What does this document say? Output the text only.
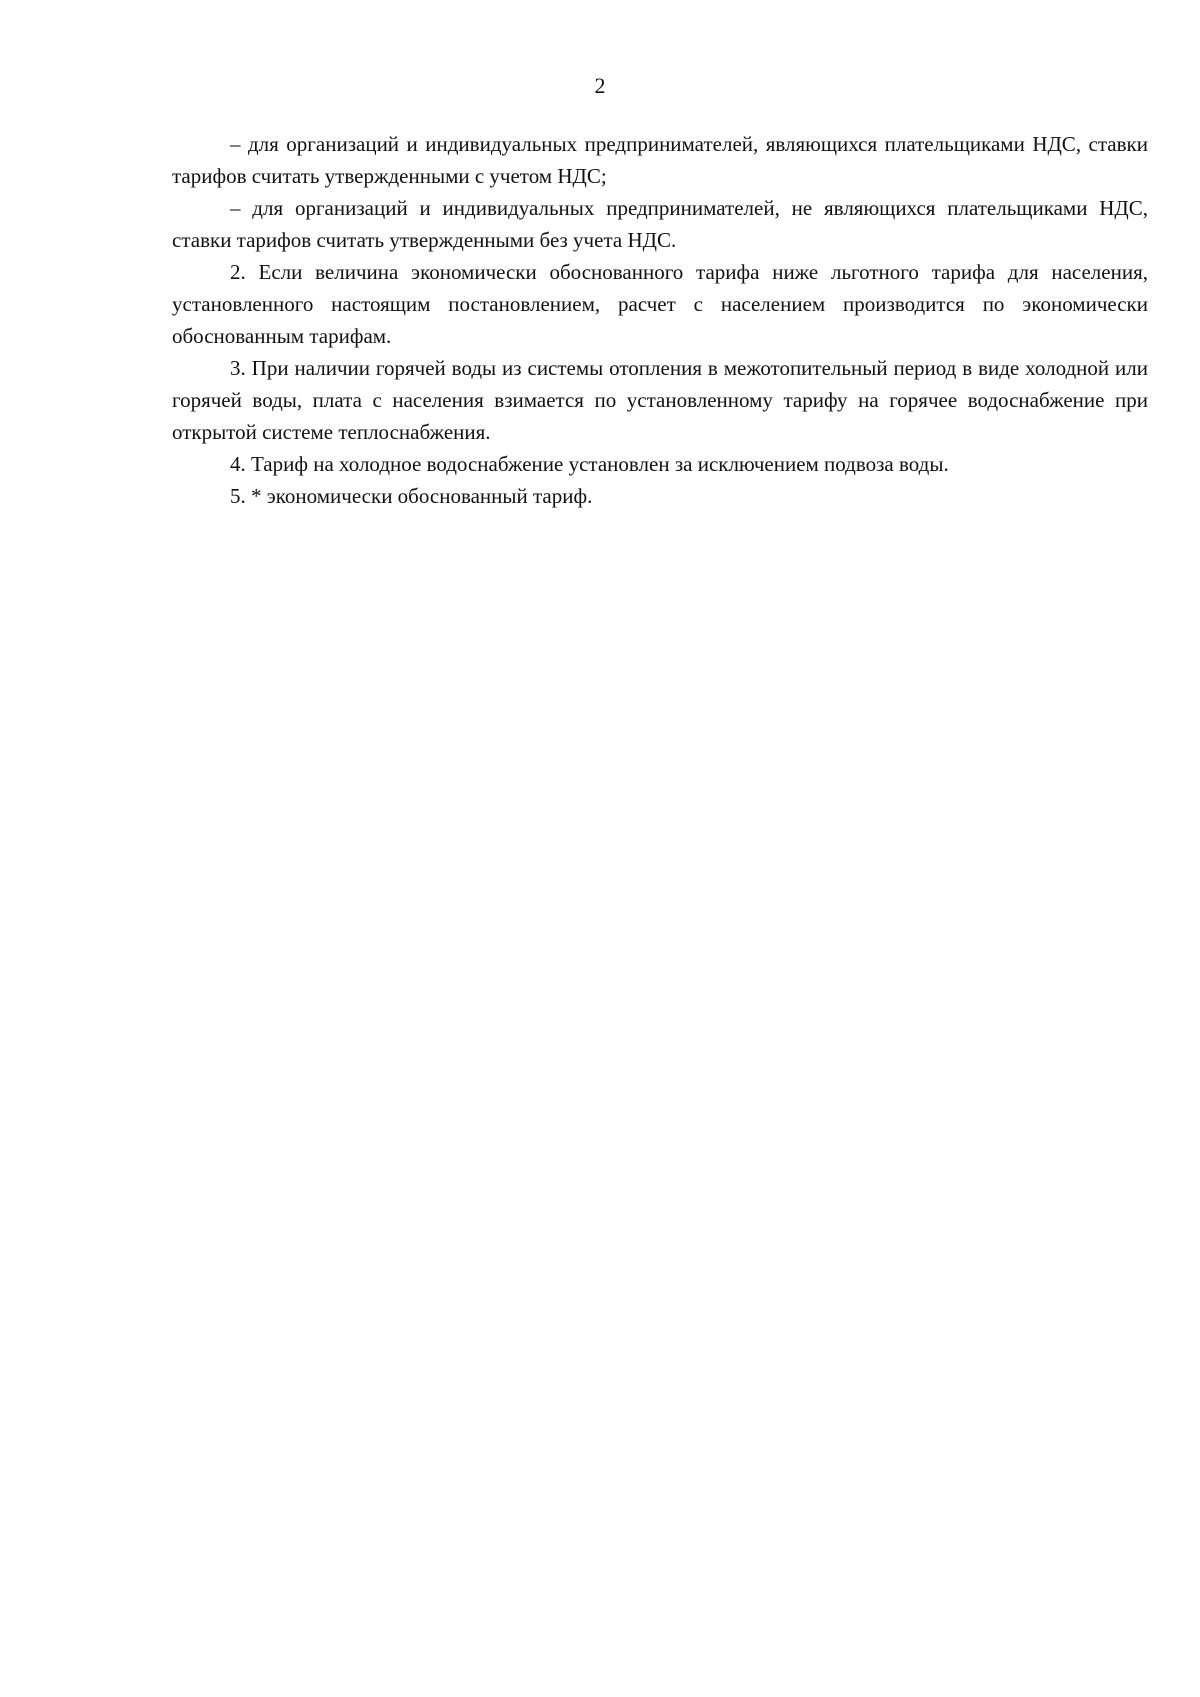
2

– для организаций и индивидуальных предпринимателей, являющихся плательщиками НДС, ставки тарифов считать утвержденными с учетом НДС;

– для организаций и индивидуальных предпринимателей, не являющихся плательщиками НДС, ставки тарифов считать утвержденными без учета НДС.

2. Если величина экономически обоснованного тарифа ниже льготного тарифа для населения, установленного настоящим постановлением, расчет с населением производится по экономически обоснованным тарифам.

3. При наличии горячей воды из системы отопления в межотопительный период в виде холодной или горячей воды, плата с населения взимается по установленному тарифу на горячее водоснабжение при открытой системе теплоснабжения.

4. Тариф на холодное водоснабжение установлен за исключением подвоза воды.

5. * экономически обоснованный тариф.
